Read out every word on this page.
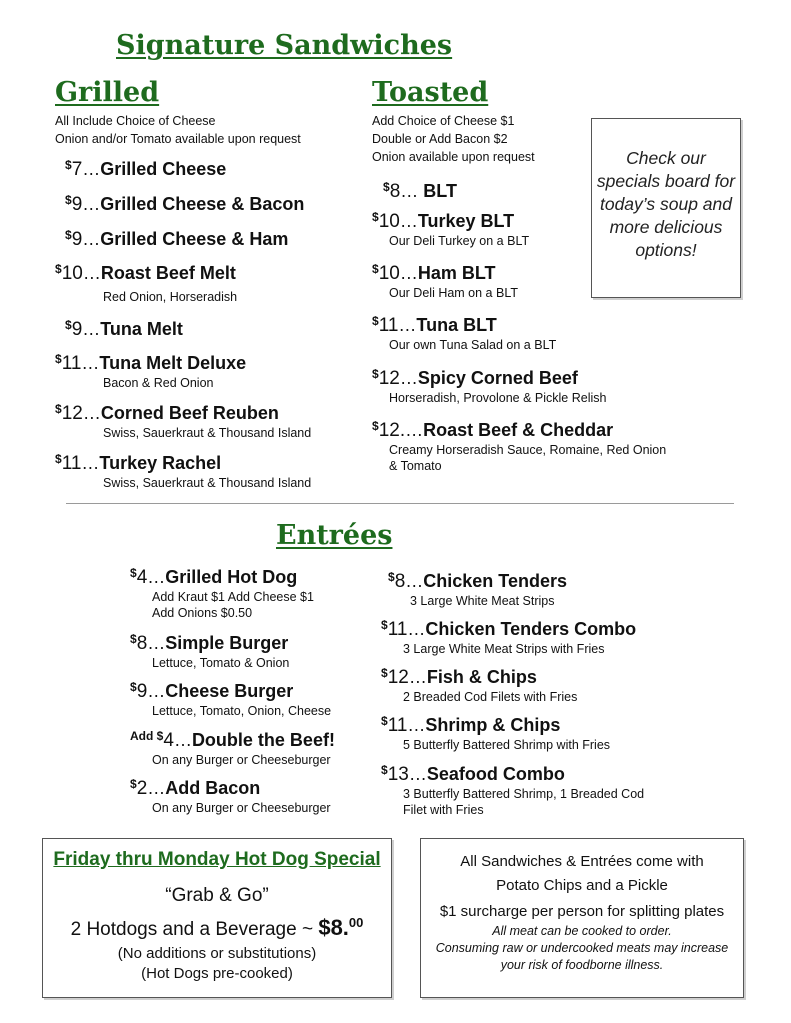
Signature Sandwiches
Grilled
All Include Choice of Cheese
Onion and/or Tomato available upon request
$7…Grilled Cheese
$9…Grilled Cheese & Bacon
$9…Grilled Cheese & Ham
$10…Roast Beef Melt
Red Onion, Horseradish
$9…Tuna Melt
$11…Tuna Melt Deluxe
Bacon & Red Onion
$12…Corned Beef Reuben
Swiss, Sauerkraut & Thousand Island
$11…Turkey Rachel
Swiss, Sauerkraut & Thousand Island
Toasted
Add Choice of Cheese $1
Double or Add Bacon $2
Onion available upon request
$8… BLT
$10…Turkey BLT
Our Deli Turkey on a BLT
$10…Ham BLT
Our Deli Ham on a BLT
$11…Tuna BLT
Our own Tuna Salad on a BLT
$12…Spicy Corned Beef
Horseradish, Provolone & Pickle Relish
$12.…Roast Beef & Cheddar
Creamy Horseradish Sauce, Romaine, Red Onion
& Tomato
Check our
specials board for
today’s soup and
more delicious
options!
Entrées
$4…Grilled Hot Dog
Add Kraut $1 Add Cheese $1
Add Onions $0.50
$8…Simple Burger
Lettuce, Tomato & Onion
$9…Cheese Burger
Lettuce, Tomato, Onion, Cheese
$^{Add}$ $4…Double the Beef!
On any Burger or Cheeseburger
$2…Add Bacon
On any Burger or Cheeseburger
$8…Chicken Tenders
3 Large White Meat Strips
$11…Chicken Tenders Combo
3 Large White Meat Strips with Fries
$12…Fish & Chips
2 Breaded Cod Filets with Fries
$11…Shrimp & Chips
5 Butterfly Battered Shrimp with Fries
$13…Seafood Combo
3 Butterfly Battered Shrimp, 1 Breaded Cod
Filet with Fries
Friday thru Monday Hot Dog Special
“Grab & Go”
2 Hotdogs and a Beverage ~ $8.00
(No additions or substitutions)
(Hot Dogs pre-cooked)
All Sandwiches & Entrées come with
Potato Chips and a Pickle
$1 surcharge per person for splitting plates
All meat can be cooked to order.
Consuming raw or undercooked meats may increase
your risk of foodborne illness.
